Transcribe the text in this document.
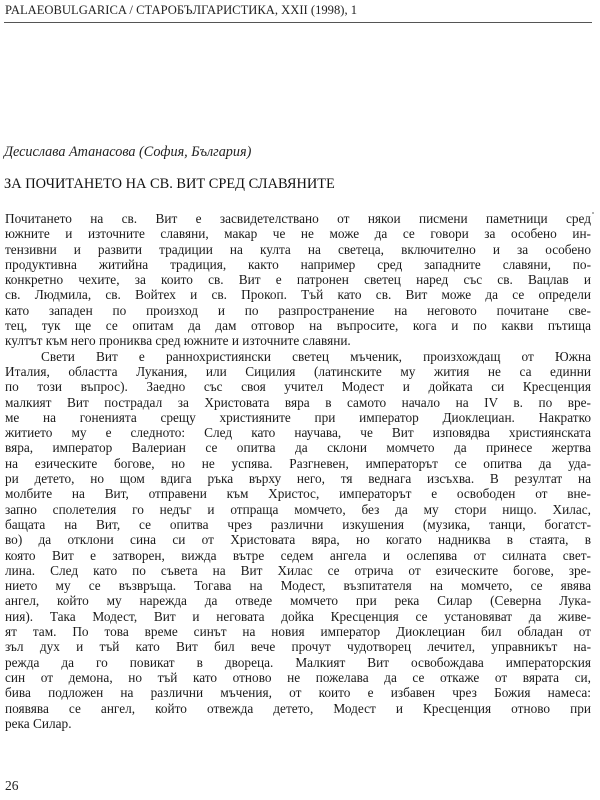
PALAEOBULGARICA / СТАРОБЪЛГАРИСТИКА, XXII (1998), 1
Десислава Атанасова (София, България)
ЗА ПОЧИТАНЕТО НА СВ. ВИТ СРЕД СЛАВЯНИТЕ
Почитането на св. Вит е засвидетелствано от някои писмени паметници сред
южните и източните славяни, макар че не може да се говори за особено ин-
тензивни и развити традиции на култа на светеца, включително и за особено
продуктивна житийна традиция, както например сред западните славяни, по-
конкретно чехите, за които св. Вит е патронен светец наред със св. Вацлав и
св. Людмила, св. Войтех и св. Прокоп. Тъй като св. Вит може да се определи
като западен по произход и по разпространение на неговото почитане све-
тец, тук ще се опитам да дам отговор на въпросите, кога и по какви пътища
култът към него прониква сред южните и източните славяни.
Свети Вит е раннохристиянски светец мъченик, произхождащ от Южна
Италия, областта Лукания, или Сицилия (латинските му жития не са единни
по този въпрос). Заедно със своя учител Модест и дойката си Кресценция
малкият Вит пострадал за Христовата вяра в самото начало на IV в. по вре-
ме на гоненията срещу християните при император Диоклециан. Накратко
житието му е следното: След като научава, че Вит изповядва християнската
вяра, император Валериан се опитва да склони момчето да принесе жертва
на езическите богове, но не успява. Разгневен, императорът се опитва да уда-
ри детето, но щом вдига ръка върху него, тя веднага изсъхва. В резултат на
молбите на Вит, отправени към Христос, императорът е освободен от вне-
запно сполетелия го недъг и отпраща момчето, без да му стори нищо. Хилас,
бащата на Вит, се опитва чрез различни изкушения (музика, танци, богатст-
во) да отклони сина си от Христовата вяра, но когато надниква в стаята, в
която Вит е затворен, вижда вътре седем ангела и ослепява от силната свет-
лина. След като по съвета на Вит Хилас се отрича от езическите богове, зре-
нието му се възвръща. Тогава на Модест, възпитателя на момчето, се явява
ангел, който му нарежда да отведе момчето при река Силар (Северна Лука-
ния). Така Модест, Вит и неговата дойка Кресценция се установяват да живе-
ят там. По това време синът на новия император Диоклециан бил обладан от
зъл дух и тъй като Вит бил вече прочут чудотворец лечител, управникът на-
режда да го повикат в двореца. Малкият Вит освобождава императорския
син от демона, но тъй като отново не пожелава да се откаже от вярата си,
бива подложен на различни мъчения, от които е избавен чрез Божия намеса:
появява се ангел, който отвежда детето, Модест и Кресценция отново при
река Силар.
26
